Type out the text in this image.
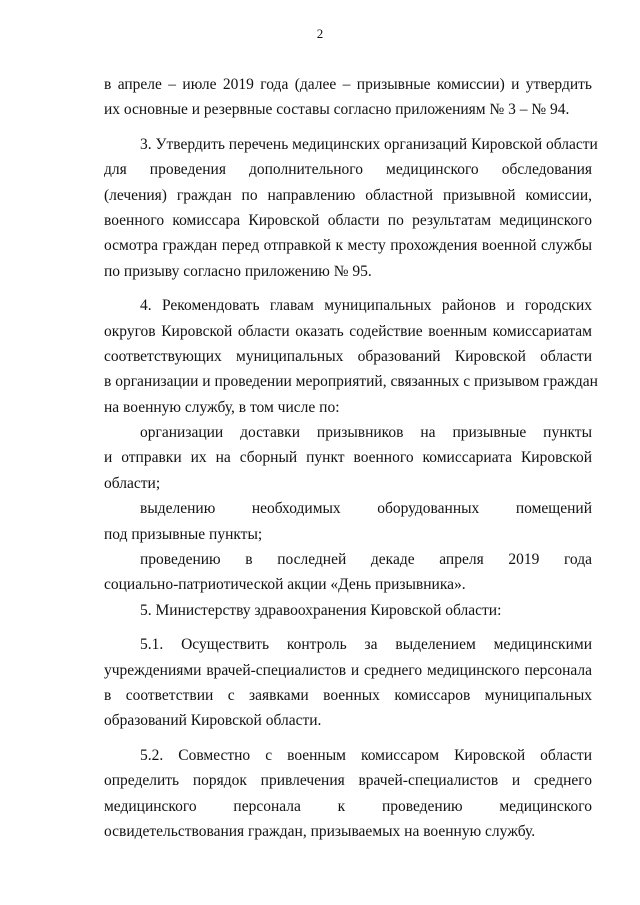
2
в апреле – июле 2019 года (далее – призывные комиссии) и утвердить
их основные и резервные составы согласно приложениям № 3 – № 94.
3. Утвердить перечень медицинских организаций Кировской области
для проведения дополнительного медицинского обследования
(лечения) граждан по направлению областной призывной комиссии,
военного комиссара Кировской области по результатам медицинского
осмотра граждан перед отправкой к месту прохождения военной службы
по призыву согласно приложению № 95.
4. Рекомендовать главам муниципальных районов и городских
округов Кировской области оказать содействие военным комиссариатам
соответствующих муниципальных образований Кировской области
в организации и проведении мероприятий, связанных с призывом граждан
на военную службу, в том числе по:
организации доставки призывников на призывные пункты
и отправки их на сборный пункт военного комиссариата Кировской
области;
выделению необходимых оборудованных помещений
под призывные пункты;
проведению в последней декаде апреля 2019 года
социально-патриотической акции «День призывника».
5. Министерству здравоохранения Кировской области:
5.1. Осуществить контроль за выделением медицинскими
учреждениями врачей-специалистов и среднего медицинского персонала
в соответствии с заявками военных комиссаров муниципальных
образований Кировской области.
5.2. Совместно с военным комиссаром Кировской области
определить порядок привлечения врачей-специалистов и среднего
медицинского персонала к проведению медицинского
освидетельствования граждан, призываемых на военную службу.
